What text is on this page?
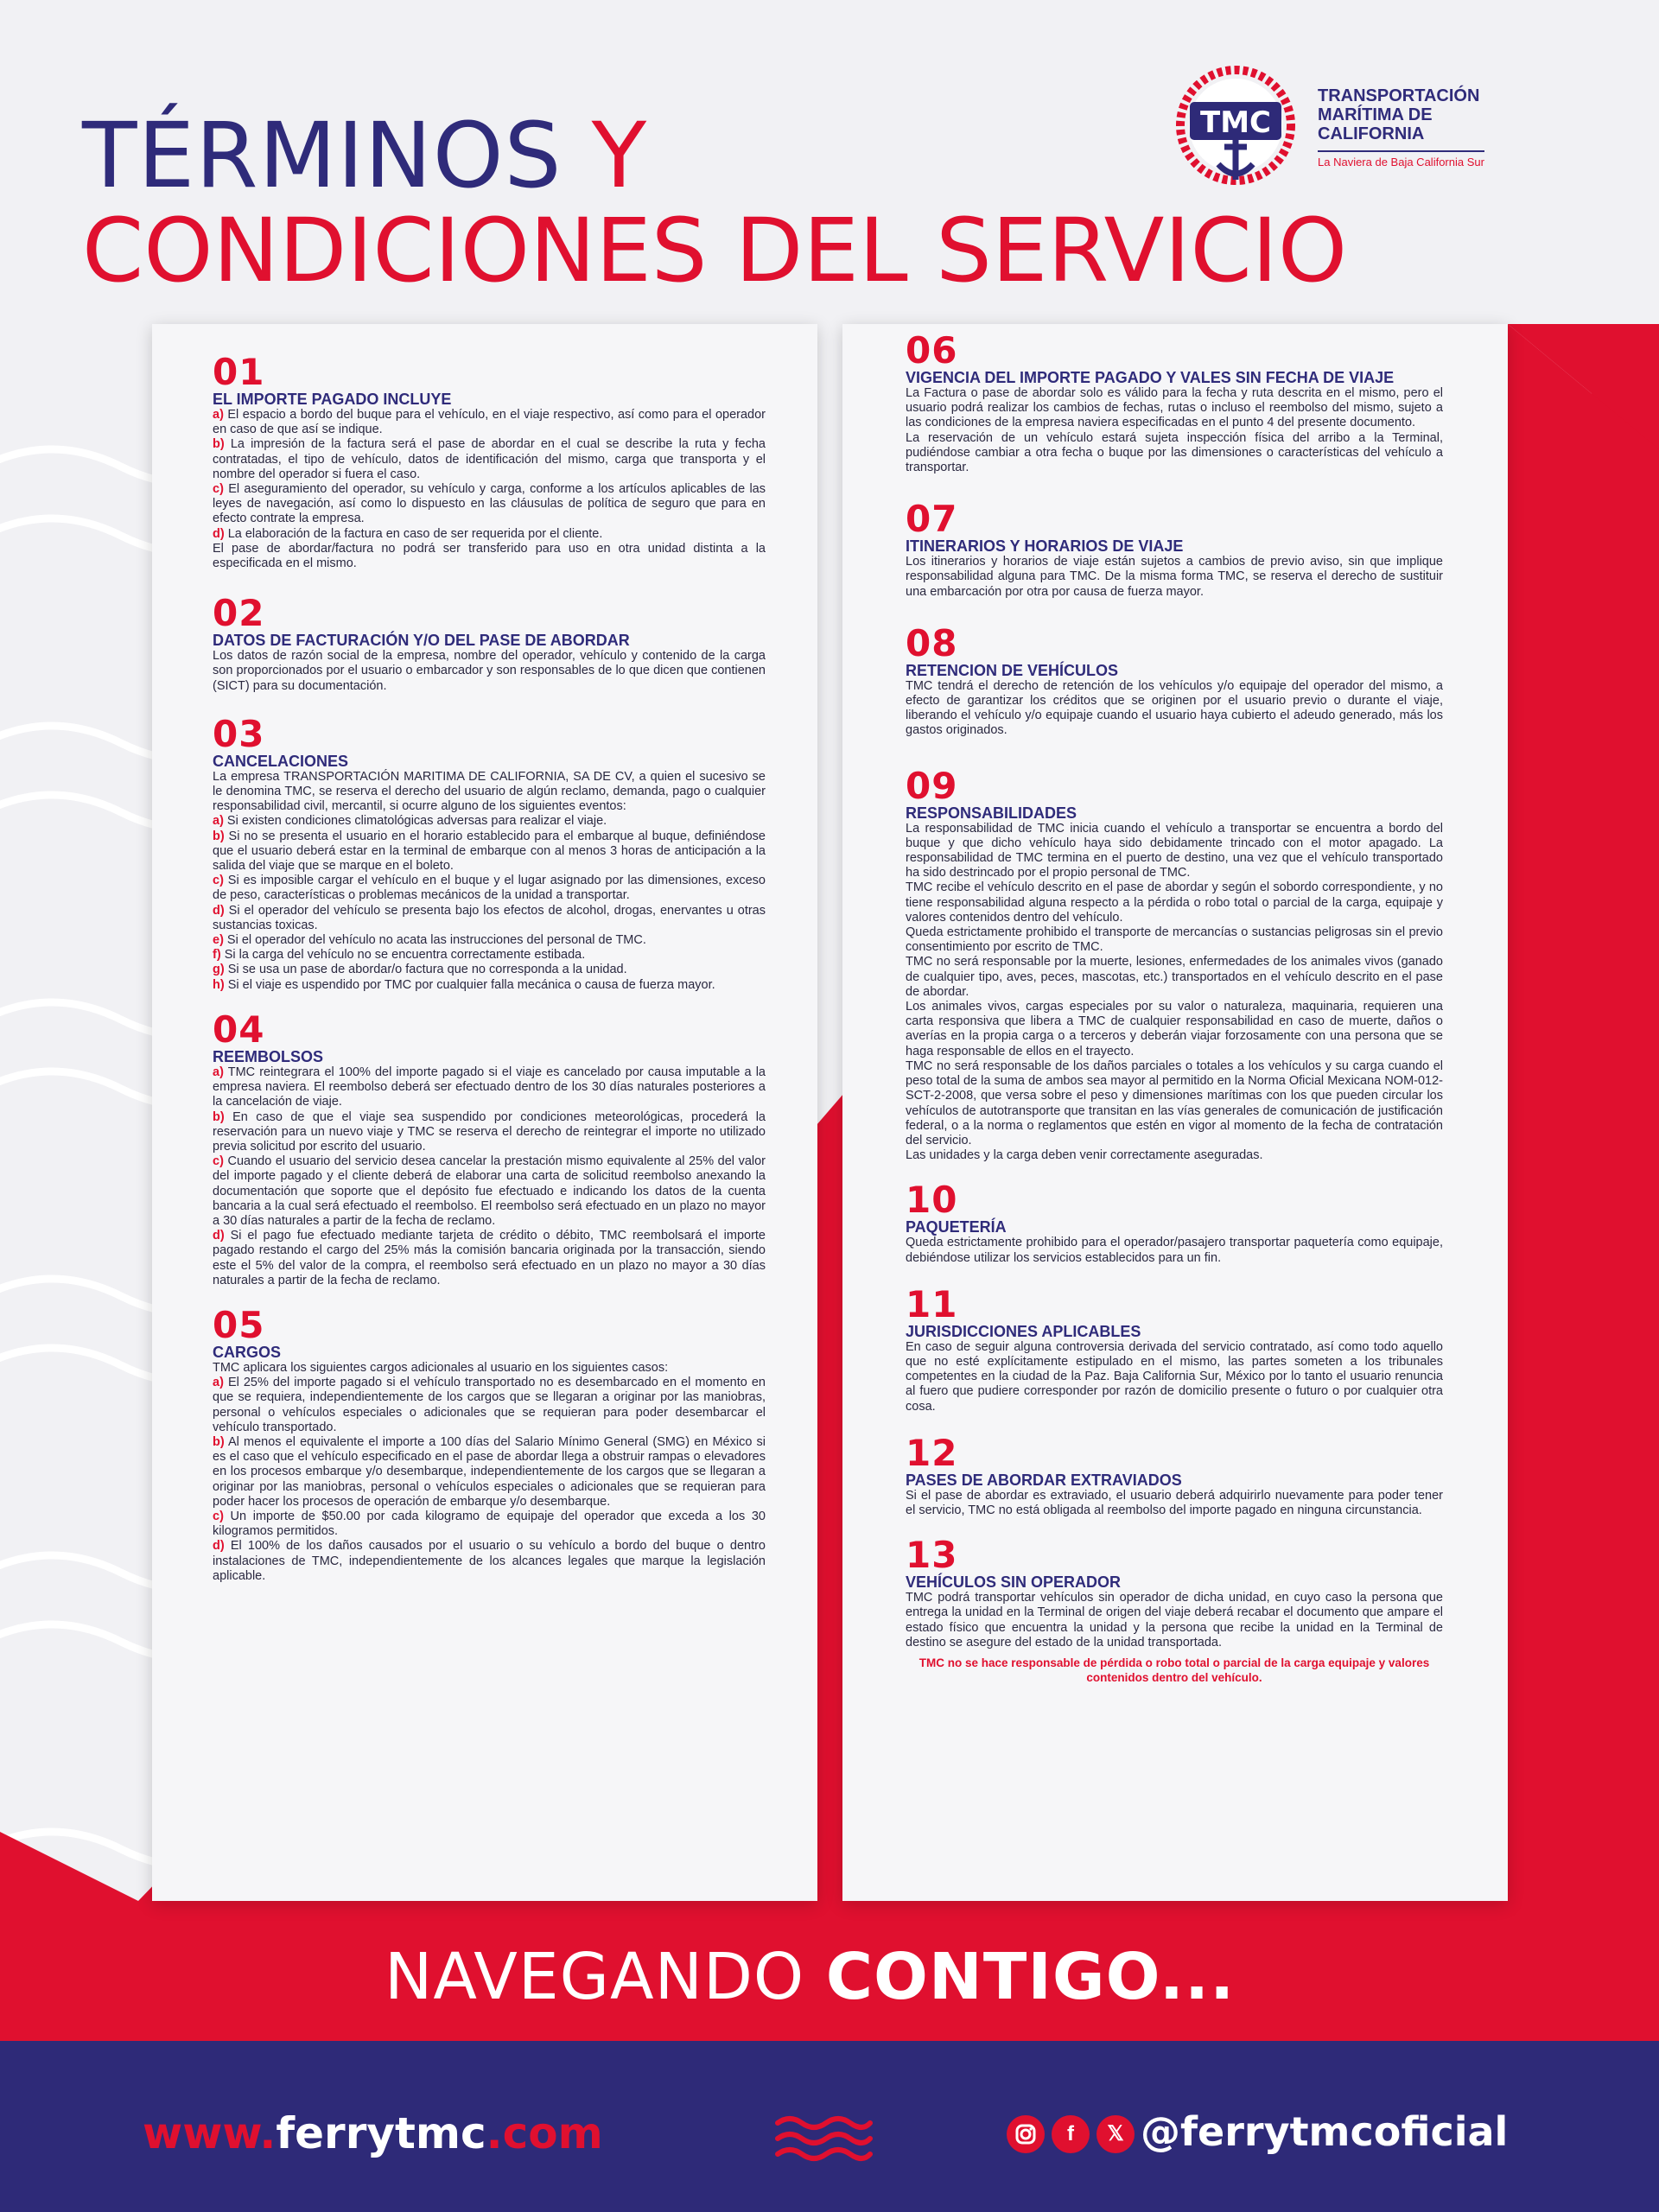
TÉRMINOS Y
CONDICIONES DEL SERVICIO
TMC
TRANSPORTACIÓN
MARÍTIMA DE
CALIFORNIA
La Naviera de Baja California Sur
01
EL IMPORTE PAGADO INCLUYE
a) El espacio a bordo del buque para el vehículo, en el viaje respectivo, así como para el operador en caso de que así se indique.
b) La impresión de la factura será el pase de abordar en el cual se describe la ruta y fecha contratadas, el tipo de vehículo, datos de identificación del mismo, carga que transporta y el nombre del operador si fuera el caso.
c) El aseguramiento del operador, su vehículo y carga, conforme a los artículos aplicables de las leyes de navegación, así como lo dispuesto en las cláusulas de política de seguro que para en efecto contrate la empresa.
d) La elaboración de la factura en caso de ser requerida por el cliente.
El pase de abordar/factura no podrá ser transferido para uso en otra unidad distinta a la especificada en el mismo.
02
DATOS DE FACTURACIÓN Y/O DEL PASE DE ABORDAR
Los datos de razón social de la empresa, nombre del operador, vehículo y contenido de la carga son proporcionados por el usuario o embarcador y son responsables de lo que dicen que contienen (SICT) para su documentación.
03
CANCELACIONES
La empresa TRANSPORTACIÓN MARITIMA DE CALIFORNIA, SA DE CV, a quien el sucesivo se le denomina TMC, se reserva el derecho del usuario de algún reclamo, demanda, pago o cualquier responsabilidad civil, mercantil, si ocurre alguno de los siguientes eventos:
a) Si existen condiciones climatológicas adversas para realizar el viaje.
b) Si no se presenta el usuario en el horario establecido para el embarque al buque, definiéndose que el usuario deberá estar en la terminal de embarque con al menos 3 horas de anticipación a la salida del viaje que se marque en el boleto.
c) Si es imposible cargar el vehículo en el buque y el lugar asignado por las dimensiones, exceso de peso, características o problemas mecánicos de la unidad a transportar.
d) Si el operador del vehículo se presenta bajo los efectos de alcohol, drogas, enervantes u otras sustancias toxicas.
e) Si el operador del vehículo no acata las instrucciones del personal de TMC.
f) Si la carga del vehículo no se encuentra correctamente estibada.
g) Si se usa un pase de abordar/o factura que no corresponda a la unidad.
h) Si el viaje es uspendido por TMC por cualquier falla mecánica o causa de fuerza mayor.
04
REEMBOLSOS
a) TMC reintegrara el 100% del importe pagado si el viaje es cancelado por causa imputable a la empresa naviera. El reembolso deberá ser efectuado dentro de los 30 días naturales posteriores a la cancelación de viaje.
b) En caso de que el viaje sea suspendido por condiciones meteorológicas, procederá la reservación para un nuevo viaje y TMC se reserva el derecho de reintegrar el importe no utilizado previa solicitud por escrito del usuario.
c) Cuando el usuario del servicio desea cancelar la prestación mismo equivalente al 25% del valor del importe pagado y el cliente deberá de elaborar una carta de solicitud reembolso anexando la documentación que soporte que el depósito fue efectuado e indicando los datos de la cuenta bancaria a la cual será efectuado el reembolso. El reembolso será efectuado en un plazo no mayor a 30 días naturales a partir de la fecha de reclamo.
d) Si el pago fue efectuado mediante tarjeta de crédito o débito, TMC reembolsará el importe pagado restando el cargo del 25% más la comisión bancaria originada por la transacción, siendo este el 5% del valor de la compra, el reembolso será efectuado en un plazo no mayor a 30 días naturales a partir de la fecha de reclamo.
05
CARGOS
TMC aplicara los siguientes cargos adicionales al usuario en los siguientes casos:
a) El 25% del importe pagado si el vehículo transportado no es desembarcado en el momento en que se requiera, independientemente de los cargos que se llegaran a originar por las maniobras, personal o vehículos especiales o adicionales que se requieran para poder desembarcar el vehículo transportado.
b) Al menos el equivalente el importe a 100 días del Salario Mínimo General (SMG) en México si es el caso que el vehículo especificado en el pase de abordar llega a obstruir rampas o elevadores en los procesos embarque y/o desembarque, independientemente de los cargos que se llegaran a originar por las maniobras, personal o vehículos especiales o adicionales que se requieran para poder hacer los procesos de operación de embarque y/o desembarque.
c) Un importe de $50.00 por cada kilogramo de equipaje del operador que exceda a los 30 kilogramos permitidos.
d) El 100% de los daños causados por el usuario o su vehículo a bordo del buque o dentro instalaciones de TMC, independientemente de los alcances legales que marque la legislación aplicable.
06
VIGENCIA DEL IMPORTE PAGADO Y VALES SIN FECHA DE VIAJE
La Factura o pase de abordar solo es válido para la fecha y ruta descrita en el mismo, pero el usuario podrá realizar los cambios de fechas, rutas o incluso el reembolso del mismo, sujeto a las condiciones de la empresa naviera especificadas en el punto 4 del presente documento.
La reservación de un vehículo estará sujeta inspección física del arribo a la Terminal, pudiéndose cambiar a otra fecha o buque por las dimensiones o características del vehículo a transportar.
07
ITINERARIOS Y HORARIOS DE VIAJE
Los itinerarios y horarios de viaje están sujetos a cambios de previo aviso, sin que implique responsabilidad alguna para TMC. De la misma forma TMC, se reserva el derecho de sustituir una embarcación por otra por causa de fuerza mayor.
08
RETENCION DE VEHÍCULOS
TMC tendrá el derecho de retención de los vehículos y/o equipaje del operador del mismo, a efecto de garantizar los créditos que se originen por el usuario previo o durante el viaje, liberando el vehículo y/o equipaje cuando el usuario haya cubierto el adeudo generado, más los gastos originados.
09
RESPONSABILIDADES
La responsabilidad de TMC inicia cuando el vehículo a transportar se encuentra a bordo del buque y que dicho vehículo haya sido debidamente trincado con el motor apagado. La responsabilidad de TMC termina en el puerto de destino, una vez que el vehículo transportado ha sido destrincado por el propio personal de TMC.
TMC recibe el vehículo descrito en el pase de abordar y según el sobordo correspondiente, y no tiene responsabilidad alguna respecto a la pérdida o robo total o parcial de la carga, equipaje y valores contenidos dentro del vehículo.
Queda estrictamente prohibido el transporte de mercancías o sustancias peligrosas sin el previo consentimiento por escrito de TMC.
TMC no será responsable por la muerte, lesiones, enfermedades de los animales vivos (ganado de cualquier tipo, aves, peces, mascotas, etc.) transportados en el vehículo descrito en el pase de abordar.
Los animales vivos, cargas especiales por su valor o naturaleza, maquinaria, requieren una carta responsiva que libera a TMC de cualquier responsabilidad en caso de muerte, daños o averías en la propia carga o a terceros y deberán viajar forzosamente con una persona que se haga responsable de ellos en el trayecto.
TMC no será responsable de los daños parciales o totales a los vehículos y su carga cuando el peso total de la suma de ambos sea mayor al permitido en la Norma Oficial Mexicana NOM-012-SCT-2-2008, que versa sobre el peso y dimensiones marítimas con los que pueden circular los vehículos de autotransporte que transitan en las vías generales de comunicación de justificación federal, o a la norma o reglamentos que estén en vigor al momento de la fecha de contratación del servicio.
Las unidades y la carga deben venir correctamente aseguradas.
10
PAQUETERÍA
Queda estrictamente prohibido para el operador/pasajero transportar paquetería como equipaje, debiéndose utilizar los servicios establecidos para un fin.
11
JURISDICCIONES APLICABLES
En caso de seguir alguna controversia derivada del servicio contratado, así como todo aquello que no esté explícitamente estipulado en el mismo, las partes someten a los tribunales competentes en la ciudad de la Paz. Baja California Sur, México por lo tanto el usuario renuncia al fuero que pudiere corresponder por razón de domicilio presente o futuro o por cualquier otra cosa.
12
PASES DE ABORDAR EXTRAVIADOS
Si el pase de abordar es extraviado, el usuario deberá adquirirlo nuevamente para poder tener el servicio, TMC no está obligada al reembolso del importe pagado en ninguna circunstancia.
13
VEHÍCULOS SIN OPERADOR
TMC podrá transportar vehículos sin operador de dicha unidad, en cuyo caso la persona que entrega la unidad en la Terminal de origen del viaje deberá recabar el documento que ampare el estado físico que encuentra la unidad y la persona que recibe la unidad en la Terminal de destino se asegure del estado de la unidad transportada.
TMC no se hace responsable de pérdida o robo total o parcial de la carga equipaje y valores contenidos dentro del vehículo.
NAVEGANDO CONTIGO...
www.ferrytmc.com	f	𝕏 @ferrytmcoficial
